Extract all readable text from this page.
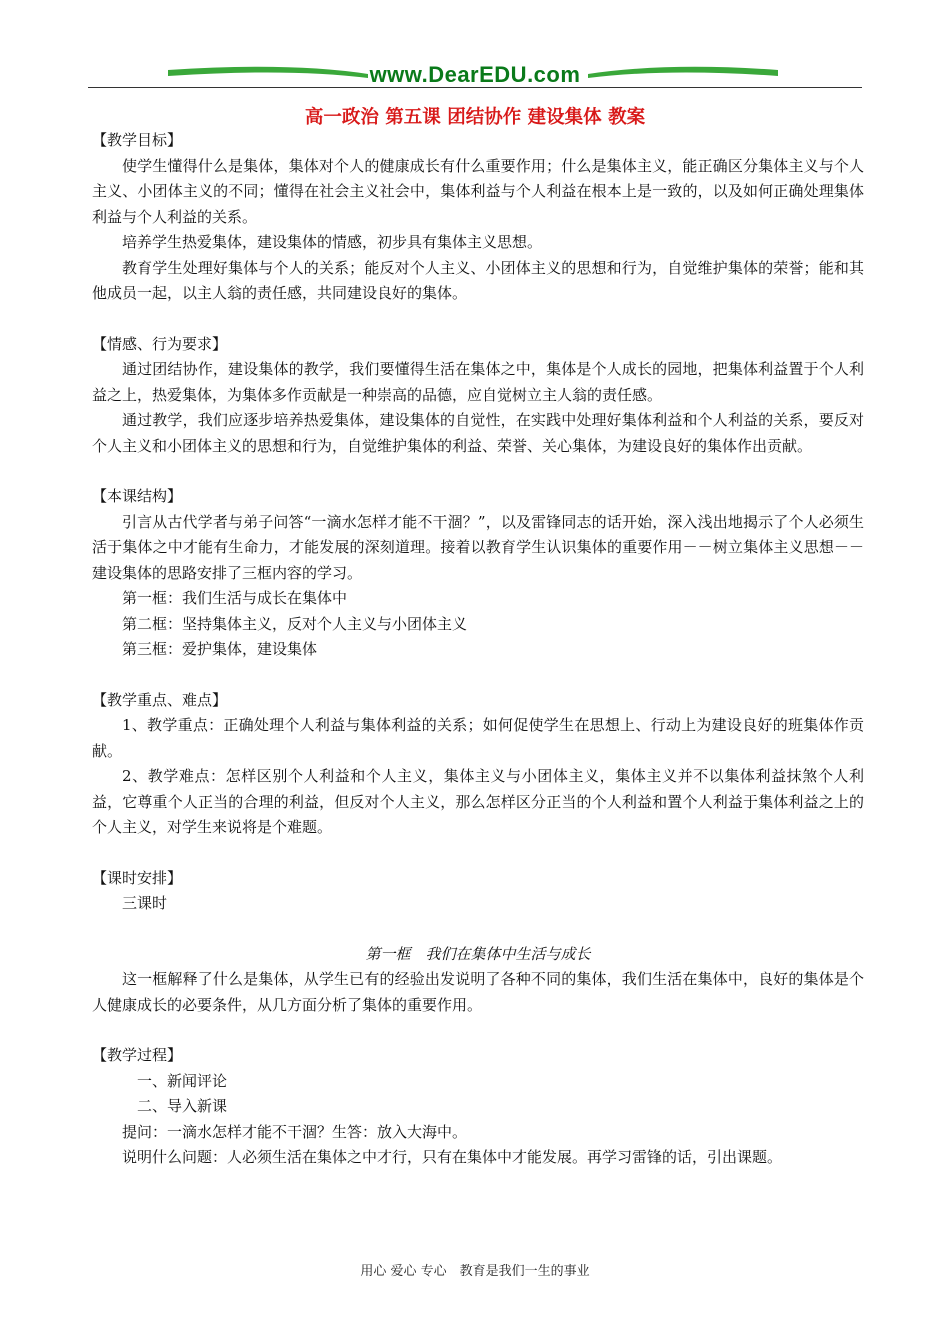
www.DearEDU.com
高一政治 第五课 团结协作 建设集体 教案

【教学目标】

使学生懂得什么是集体，集体对个人的健康成长有什么重要作用；什么是集体主义，能正确区分集体主义与个人主义、小团体主义的不同；懂得在社会主义社会中，集体利益与个人利益在根本上是一致的，以及如何正确处理集体利益与个人利益的关系。

培养学生热爱集体，建设集体的情感，初步具有集体主义思想。

教育学生处理好集体与个人的关系；能反对个人主义、小团体主义的思想和行为，自觉维护集体的荣誉；能和其他成员一起，以主人翁的责任感，共同建设良好的集体。

【情感、行为要求】

通过团结协作，建设集体的教学，我们要懂得生活在集体之中，集体是个人成长的园地，把集体利益置于个人利益之上，热爱集体，为集体多作贡献是一种崇高的品德，应自觉树立主人翁的责任感。

通过教学，我们应逐步培养热爱集体，建设集体的自觉性，在实践中处理好集体利益和个人利益的关系，要反对个人主义和小团体主义的思想和行为，自觉维护集体的利益、荣誉、关心集体，为建设良好的集体作出贡献。

【本课结构】

引言从古代学者与弟子问答“一滴水怎样才能不干涸？”，以及雷锋同志的话开始，深入浅出地揭示了个人必须生活于集体之中才能有生命力，才能发展的深刻道理。接着以教育学生认识集体的重要作用－－树立集体主义思想－－建设集体的思路安排了三框内容的学习。

第一框：我们生活与成长在集体中

第二框：坚持集体主义，反对个人主义与小团体主义

第三框：爱护集体，建设集体

【教学重点、难点】

1、教学重点：正确处理个人利益与集体利益的关系；如何促使学生在思想上、行动上为建设良好的班集体作贡献。

2、教学难点：怎样区别个人利益和个人主义，集体主义与小团体主义，集体主义并不以集体利益抹煞个人利益，它尊重个人正当的合理的利益，但反对个人主义，那么怎样区分正当的个人利益和置个人利益于集体利益之上的个人主义，对学生来说将是个难题。

【课时安排】

三课时

第一框　我们在集体中生活与成长

这一框解释了什么是集体，从学生已有的经验出发说明了各种不同的集体，我们生活在集体中，良好的集体是个人健康成长的必要条件，从几方面分析了集体的重要作用。

【教学过程】

一、新闻评论

二、导入新课

提问：一滴水怎样才能不干涸？生答：放入大海中。

说明什么问题：人必须生活在集体之中才行，只有在集体中才能发展。再学习雷锋的话，引出课题。

用心 爱心 专心　教育是我们一生的事业
